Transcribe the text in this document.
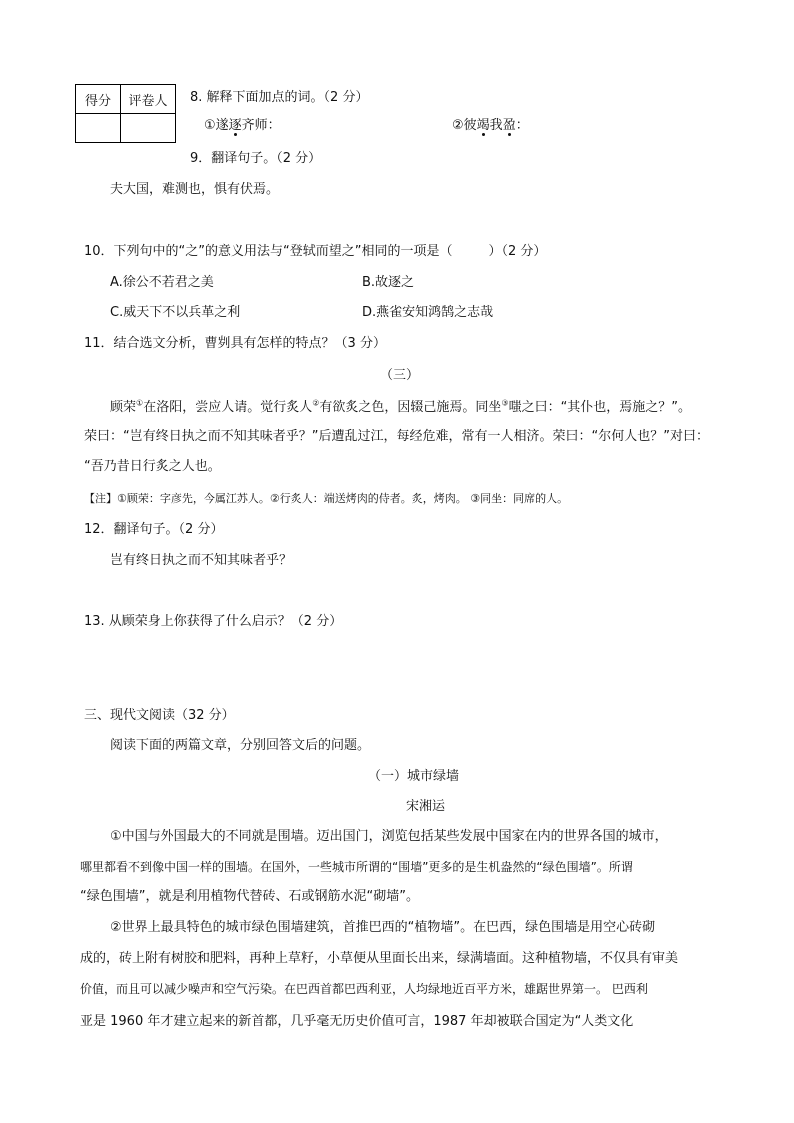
得分	评卷人
	8. 解释下面加点的词。（2 分）
①遂逐齐师：	②彼竭我盈：
9．翻译句子。（2 分）
夫大国，难测也，惧有伏焉。
10．下列句中的“之”的意义用法与“登轼而望之”相同的一项是（	）（2 分）
A.徐公不若君之美	B.故逐之
C.威天下不以兵革之利	D.燕雀安知鸿鹄之志哉
11．结合选文分析，曹刿具有怎样的特点？（3 分）
（三）
顾荣①在洛阳，尝应人请。觉行炙人②有欲炙之色，因辍己施焉。同坐③嗤之曰：“其仆也，焉施之？”。
荣曰：“岂有终日执之而不知其味者乎？”后遭乱过江，每经危难，常有一人相济。荣曰：“尔何人也？”对曰：
“吾乃昔日行炙之人也。
【注】①顾荣：字彦先，今属江苏人。②行炙人：端送烤肉的侍者。炙，烤肉。 ③同坐：同席的人。
12．翻译句子。（2 分）
岂有终日执之而不知其味者乎？
13. 从顾荣身上你获得了什么启示？（2 分）
三、现代文阅读（32 分）
阅读下面的两篇文章，分别回答文后的问题。
（一）城市绿墙
宋湘运
①中国与外国最大的不同就是围墙。迈出国门，浏览包括某些发展中国家在内的世界各国的城市，
哪里都看不到像中国一样的围墙。在国外，一些城市所谓的“围墙”更多的是生机盎然的“绿色围墙”。所谓
“绿色围墙”，就是利用植物代替砖、石或钢筋水泥“砌墙”。
②世界上最具特色的城市绿色围墙建筑，首推巴西的“植物墙”。在巴西，绿色围墙是用空心砖砌
成的，砖上附有树胶和肥料，再种上草籽，小草便从里面长出来，绿满墙面。这种植物墙，不仅具有审美
价值，而且可以减少噪声和空气污染。在巴西首都巴西利亚，人均绿地近百平方米，雄踞世界第一。 巴西利
亚是 1960 年才建立起来的新首都，几乎毫无历史价值可言，1987 年却被联合国定为“人类文化
